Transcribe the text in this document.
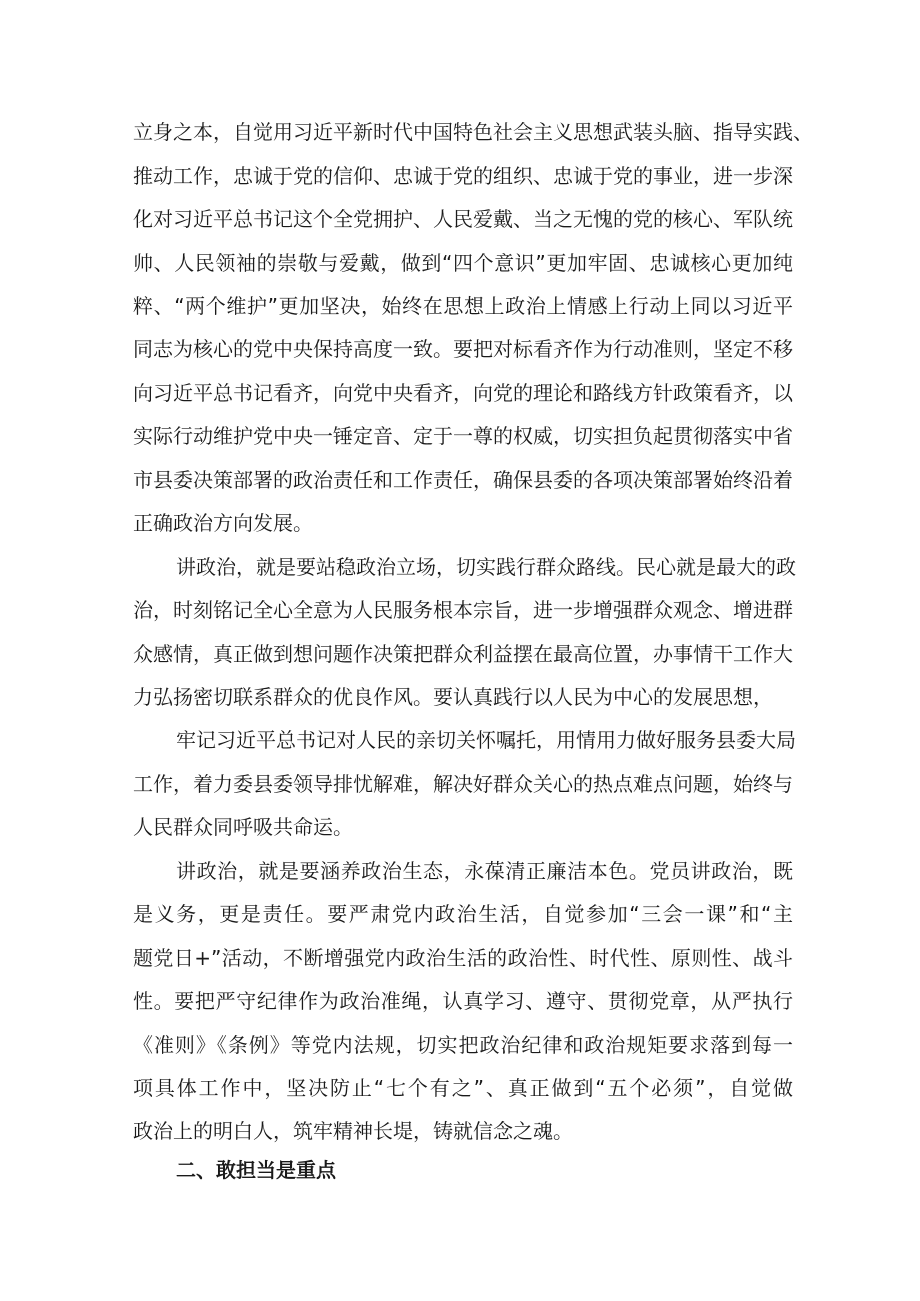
立身之本，自觉用习近平新时代中国特色社会主义思想武装头脑、指导实践、
推动工作，忠诚于党的信仰、忠诚于党的组织、忠诚于党的事业，进一步深
化对习近平总书记这个全党拥护、人民爱戴、当之无愧的党的核心、军队统
帅、人民领袖的崇敬与爱戴，做到“四个意识”更加牢固、忠诚核心更加纯
粹、“两个维护”更加坚决，始终在思想上政治上情感上行动上同以习近平
同志为核心的党中央保持高度一致。要把对标看齐作为行动准则，坚定不移
向习近平总书记看齐，向党中央看齐，向党的理论和路线方针政策看齐，以
实际行动维护党中央一锤定音、定于一尊的权威，切实担负起贯彻落实中省
市县委决策部署的政治责任和工作责任，确保县委的各项决策部署始终沿着
正确政治方向发展。
讲政治，就是要站稳政治立场，切实践行群众路线。民心就是最大的政
治，时刻铭记全心全意为人民服务根本宗旨，进一步增强群众观念、增进群
众感情，真正做到想问题作决策把群众利益摆在最高位置，办事情干工作大
力弘扬密切联系群众的优良作风。要认真践行以人民为中心的发展思想，
牢记习近平总书记对人民的亲切关怀嘱托，用情用力做好服务县委大局
工作，着力委县委领导排忧解难，解决好群众关心的热点难点问题，始终与
人民群众同呼吸共命运。
讲政治，就是要涵养政治生态，永葆清正廉洁本色。党员讲政治，既
是义务，更是责任。要严肃党内政治生活，自觉参加“三会一课”和“主
题党日+”活动，不断增强党内政治生活的政治性、时代性、原则性、战斗
性。要把严守纪律作为政治准绳，认真学习、遵守、贯彻党章，从严执行
《准则》《条例》等党内法规，切实把政治纪律和政治规矩要求落到每一
项具体工作中，坚决防止“七个有之”、真正做到“五个必须”，自觉做
政治上的明白人，筑牢精神长堤，铸就信念之魂。
二、敢担当是重点
